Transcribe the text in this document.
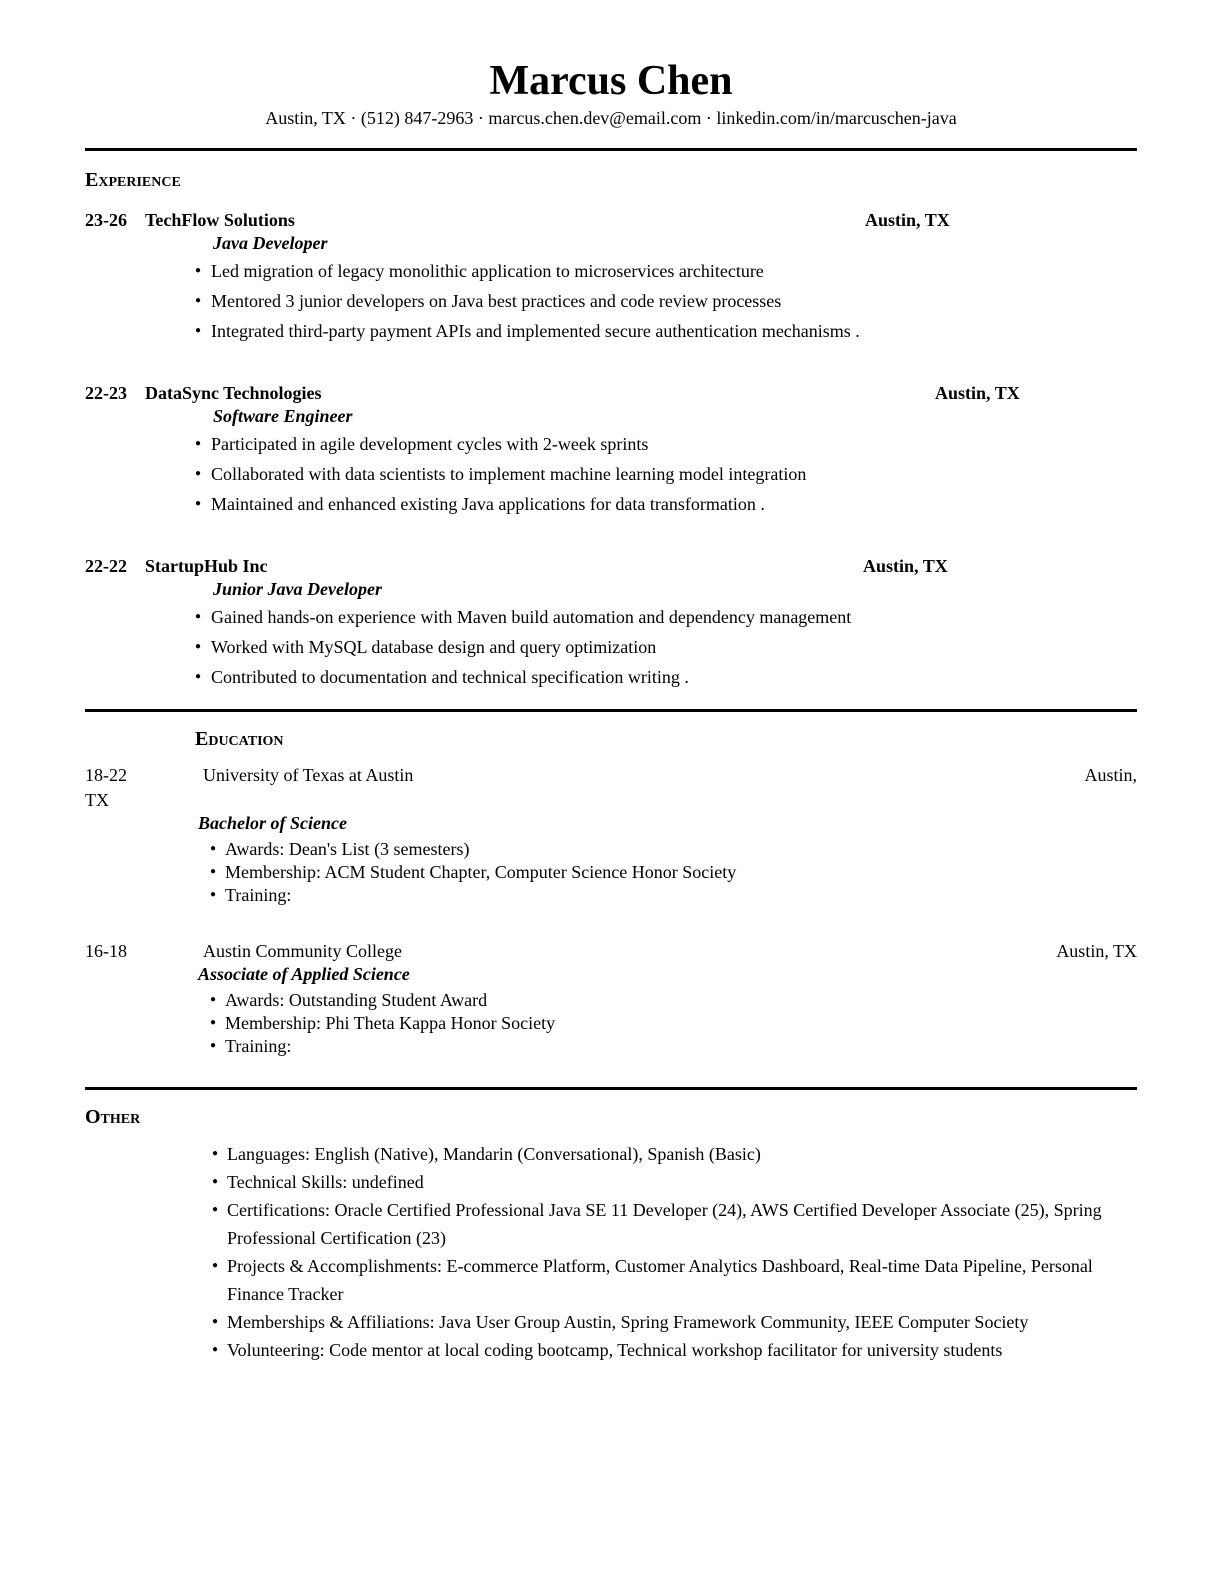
Marcus Chen
Austin, TX · (512) 847-2963 · marcus.chen.dev@email.com · linkedin.com/in/marcuschen-java
Experience
23-26 TechFlow Solutions	Austin, TX
Java Developer
● Led migration of legacy monolithic application to microservices architecture
● Mentored 3 junior developers on Java best practices and code review processes
● Integrated third-party payment APIs and implemented secure authentication mechanisms .
22-23 DataSync Technologies	Austin, TX
Software Engineer
● Participated in agile development cycles with 2-week sprints
● Collaborated with data scientists to implement machine learning model integration
● Maintained and enhanced existing Java applications for data transformation .
22-22 StartupHub Inc	Austin, TX
Junior Java Developer
● Gained hands-on experience with Maven build automation and dependency management
● Worked with MySQL database design and query optimization
● Contributed to documentation and technical specification writing .
Education
18-22	University of Texas at Austin	Austin,
TX
Bachelor of Science
● Awards: Dean's List (3 semesters)
● Membership: ACM Student Chapter, Computer Science Honor Society
● Training:
16-18	Austin Community College	Austin, TX
Associate of Applied Science
● Awards: Outstanding Student Award
● Membership: Phi Theta Kappa Honor Society
● Training:
Other
● Languages: English (Native), Mandarin (Conversational), Spanish (Basic)
● Technical Skills: undefined
● Certifications: Oracle Certified Professional Java SE 11 Developer (24), AWS Certified Developer Associate (25), Spring Professional Certification (23)
● Projects & Accomplishments: E-commerce Platform, Customer Analytics Dashboard, Real-time Data Pipeline, Personal Finance Tracker
● Memberships & Affiliations: Java User Group Austin, Spring Framework Community, IEEE Computer Society
● Volunteering: Code mentor at local coding bootcamp, Technical workshop facilitator for university students
